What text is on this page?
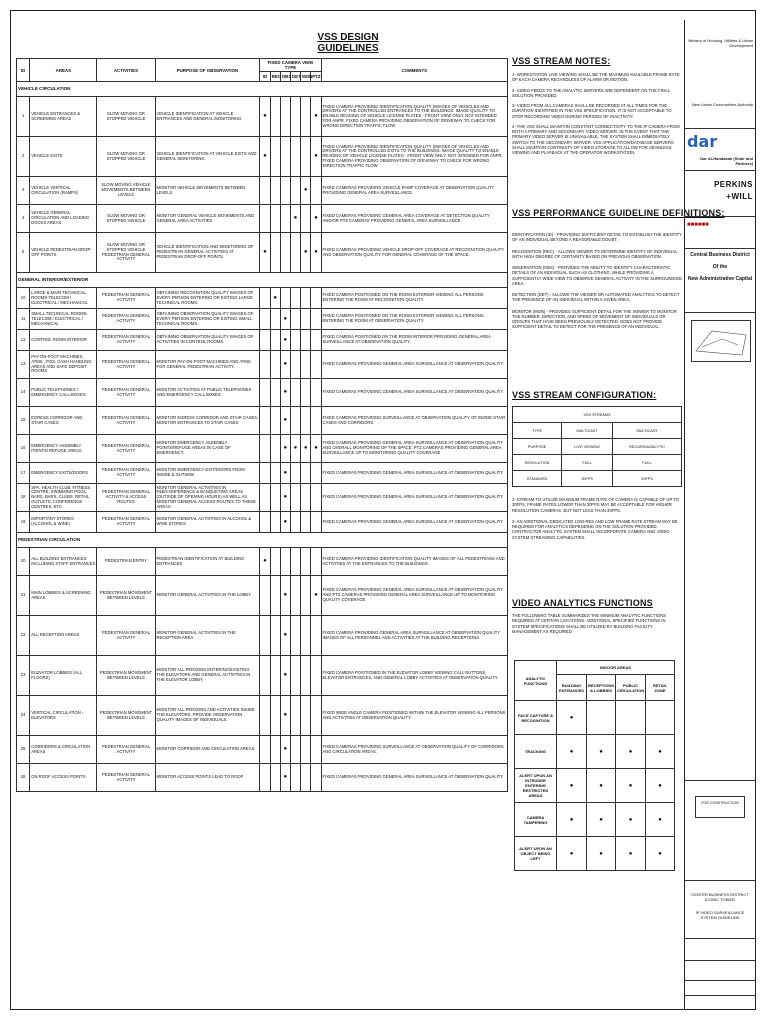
VSS DESIGN GUIDELINES
ID	AREAS	ACTIVITIES	PURPOSE OF OBSERVATION	FIXED CAMERA VIEW TYPE						COMMENTS
				ID	REC	OBS	DET	MON	PTZ	
VEHICLE CIRCULATION										
1	VEHICLE ENTRANCES & SCREENING AREAS	SLOW MOVING OR STOPPED VEHICLE	VEHICLE IDENTIFICATION AT VEHICLE ENTRANCES AND GENERAL MONITORING	●					●	FIXED CAMERA PROVIDING IDENTIFICATION QUALITY (IMAGES OF VEHICLES AND DRIVERS AT THE CONTROLLED ENTRANCES TO THE BUILDINGS. IMAGE QUALITY TO ENABLE READING OF VEHICLE LICENSE PLATES - FRONT VIEW ONLY. NOT INTENDED FOR ANPR. FIXED CAMERA PROVIDING OBSERVATION OF DRIVEWAY TO CHECK FOR WRONG DIRECTION TRAFFIC FLOW
2	VEHICLE EXITS	SLOW MOVING OR STOPPED VEHICLE	VEHICLE IDENTIFICATION AT VEHICLE EXITS AND GENERAL MONITORING	●					●	FIXED CAMERA PROVIDING IDENTIFICATION QUALITY (IMAGES OF VEHICLES AND DRIVERS AT THE CONTROLLED EXITS TO THE BUILDINGS. IMAGE QUALITY TO ENABLE READING OF VEHICLE LICENSE PLATES - FRONT VIEW ONLY. NOT INTENDED FOR ANPR. FIXED CAMERA PROVIDING OBSERVATION OF DRIVEWAY TO CHECK FOR WRONG DIRECTION TRAFFIC FLOW
3	VEHICLE VERTICAL CIRCULATION (RAMPS)	SLOW MOVING VEHICLE MOVEMENTS BETWEEN LEVELS	MONITOR VEHICLE MOVEMENTS BETWEEN LEVELS					●		FIXED CAMERAS PROVIDING VEHICLE RAMP COVERAGE AT OBSERVATION QUALITY PROVIDING GENERAL AREA SURVEILLANCE.
4	VEHICLE GENERAL CIRCULATION AND LOADING DOCKS AREAS	SLOW MOVING OR STOPPED VEHICLE	MONITOR GENERAL VEHICLE MOVEMENTS AND GENERAL AREA ACTIVITIES.				●		●	FIXED CAMERAS PROVIDING GENERAL AREA COVERAGE AT DETECTION QUALITY AND/OR PTZ CAMERAS PROVIDING GENERAL AREA SURVEILLANCE .
5	VEHICLE PEDESTRIAN DROP-OFF POINTS	SLOW MOVING OR STOPPED VEHICLE PEDESTRIAN GENERAL ACTIVITY	VEHICLE IDENTIFICATION AND MONITORING OF PEDESTRIAN GENERAL ACTIVITIES AT PEDESTRIAN DROP-OFF POINTS.	●				●	●	FIXED CAMERAS PROVIDING VEHICLE DROP-OFF COVERAGE AT RECOGNITION QUALITY AND OBSERVATION QUALITY FOR GENERAL COVERAGE OF THE SPACE.
GENERAL INTERIOR/EXTERIOR										
10	LARGE & MAIN TECHNICAL ROOMS-TELECOM / ELECTRICAL / MECHANICAL	PEDESTRIAN GENERAL ACTIVITY	OBTAINING RECOGNITION QUALITY IMAGES OF EVERY PERSON ENTERING OR EXITING LARGE TECHNICAL ROOMS.		●					FIXED CAMERA POSITIONED ON THE ROOM EXTERIOR VIEWING ALL PERSONS ENTERING THE ROOM AT RECOGNITION QUALITY.
11	SMALL TECHNICAL ROOMS-TELECOM / ELECTRICAL / MECHANICAL	PEDESTRIAN GENERAL ACTIVITY	OBTAINING OBSERVATION QUALITY IMAGES OF EVERY PERSON ENTERING OR EXITING SMALL TECHNICAL ROOMS.			●				FIXED CAMERA POSITIONED ON THE ROOM EXTERIOR VIEWING ALL PERSONS ENTERING THE ROOM AT OBSERVATION QUALITY.
12	CONTROL ROOM INTERIOR	PEDESTRIAN GENERAL ACTIVITY	OBTAINING OBSERVATION QUALITY IMAGES OF ACTIVITIES IN CONTROL ROOMS.			●				FIXED CAMERA POSITIONED ON THE ROOM INTERIOR PROVIDING GENERAL AREA SURVEILLANCE AT OBSERVATION QUALITY.
13	PAY-ON-FOOT MACHINES, ATMS , POS, CASH HANDLING AREAS AND SAFE DEPOSIT ROOMS	PEDESTRIAN GENERAL ACTIVITY	MONITOR PAY-ON-FOOT MACHINES AND ATMS FOR GENERAL PEDESTRIAN ACTIVITY.			●				FIXED CAMERAS PROVIDING GENERAL AREA SURVEILLANCE AT OBSERVATION QUALITY.
14	PUBLIC TELEPHONES / EMERGENCY CALL-BOXES	PEDESTRIAN GENERAL ACTIVITY	MONITOR ACTIVITIES AT PUBLIC TELEPHONES AND EMERGENCY CALL BOXES.			●				FIXED CAMERAS PROVIDING GENERAL AREA SURVEILLANCE AT OBSERVATION QUALITY.
15	EGRESS CORRIDOR AND STAIR CASES	PEDESTRIAN GENERAL ACTIVITY	MONITOR EGRESS CORRIDOR AND STAIR CASES. MONITOR ENTRANCES TO STAIR CASES			●				FIXED CAMERAS PROVIDING SURVEILLANCE AT OBSERVATION QUALITY OF INSIDE STAIR CASES AND CORRIDORS.
16	EMERGENCY ASSEMBLY POINTS/ REFUGE AREAS	PEDESTRIAN GENERAL ACTIVITY	MONITOR EMERGENCY ASSEMBLY POINTS/REFUGE AREAS IN CASE OF EMERGENCY.			●	●	●	●	FIXED CAMERAS PROVIDING GENERAL AREA SURVEILLANCE AT OBSERVATION QUALITY AND OVERALL MONITORING OF THE SPACE. PTZ CAMERAS PROVIDING GENERAL AREA SURVEILLANCE UP TO MONITORING QUALITY COVERAGE
17	EMERGENCY EXITS/DOORS	PEDESTRIAN GENERAL ACTIVITY	MONITOR EMERGENCY EXIT/DOORS FROM INSIDE & OUTSIDE			●				FIXED CAMERAS PROVIDING GENERAL AREA SURVEILLANCE AT OBSERVATION QUALITY
18	SPA, HEALTH CLUB, FITNESS CENTRE, SWIMMING POOL, BARS, BARS, CLUBS, RETAIL OUTLETS, CONFERENCE CENTRES, ETC	PEDESTRIAN GENERAL ACTIVITY & ACCESS ROUTES	MONITOR GENERAL ACTIVITIES IN F&B/CONFERENCE & BANQUETING AREAS (OUTSIDE OF OPENING HOURS) AS WELL AS MONITOR GENERAL ACCESS ROUTES TO THESE AREAS			●				FIXED CAMERAS PROVIDING GENERAL AREA SURVEILLANCE AT OBSERVATION QUALITY
19	IMPORTANT STORES (ALCOHOL & WINE)	PEDESTRIAN GENERAL ACTIVITY	MONITOR GENERAL ACTIVITIES IN ALCOHOL & WINE STORES			●				FIXED CAMERAS PROVIDING GENERAL AREA SURVEILLANCE AT OBSERVATION QUALITY
PEDESTRIAN CIRCULATION										
20	ALL BUILDING ENTRANCES INCLUDING STAFF ENTRANCES	PEDESTRIAN ENTRY	PEDESTRIAN IDENTIFICATION AT BUILDING ENTRANCES	●						FIXED CAMERA PROVIDING IDENTIFICATION QUALITY IMAGES OF ALL PEDESTRIANS AND ACTIVITIES AT THE ENTRANCES TO THE BUILDINGS.
21	MAIN LOBBIES & SCREENING AREAS	PEDESTRIAN MOVEMENT BETWEEN LEVELS	MONITOR GENERAL ACTIVITIES IN THE LOBBY.			●			●	FIXED CAMERAS PROVIDING GENERAL AREA SURVEILLANCE AT OBSERVATION QUALITY AND PTZ CAMERAS PROVIDING GENERAL AREA SURVEILLANCE UP TO MONITORING QUALITY COVERAGE
22	ALL RECEPTION AREAS	PEDESTRIAN GENERAL ACTIVITY	MONITOR GENERAL ACTIVITIES IN THE RECEPTION AREA.			●				FIXED CAMERA PROVIDING GENERAL AREA SURVEILLANCE AT OBSERVATION QUALITY IMAGES OF ALL PERSONNEL AND ACTIVITIES AT THE BUILDING RECEPTIONS.
23	ELEVATOR LOBBIES (ALL FLOORS)	PEDESTRIAN MOVEMENT BETWEEN LEVELS	MONITOR ALL PERSONS ENTERING/EXISTING THE ELEVATORS AND GENERAL ACTIVITIES IN THE ELEVATOR LOBBY.			●				FIXED CAMERA POSITIONED IN THE ELEVATOR LOBBY VIEWING CALL BUTTONS, ELEVATOR ENTRANCES, AND GENERAL LOBBY ACTIVITIES AT OBSERVATION QUALITY.
24	VERTICAL CIRCULATION - ELEVATORS	PEDESTRIAN MOVEMENT BETWEEN LEVELS	MONITOR ALL PERSONS AND ACTIVITIES INSIDE THE ELEVATORS. PROVIDE OBSERVATION QUALITY IMAGES OF INDIVIDUALS.			●				FIXED WIDE ANGLE CAMERA POSITIONED WITHIN THE ELEVATOR VIEWING ALL PERSONS AND ACTIVITIES AT OBSERVATION QUALITY.
25	CORRIDORS & CIRCULATION AREAS	PEDESTRIAN GENERAL ACTIVITY	MONITOR CORRIDOR AND CIRCULATION AREAS.			●				FIXED CAMERAS PROVIDING SURVEILLANCE AT OBSERVATION QUALITY OF CORRIDORS AND CIRCULATION AREAS.
26	ON ROOF ACCESS POINTS	PEDESTRIAN GENERAL ACTIVITY	MONITOR ACCESS POINTS LEAD TO ROOF			●				FIXED CAMERAS PROVIDING GENERAL AREA SURVEILLANCE AT OBSERVATION QUALITY
VSS STREAM NOTES:
1- WORKSTATION LIVE VIEWING SHALL BE THE MAXIMUM AVAILABLE FRAME RATE OF EACH CAMERA REGARDLESS OF ALARM OR MOTION.
2- VIDEO FEEDS TO THE ANALYTIC SERVERS ARE DEPENDENT ON THE FINAL SOLUTION PROVIDED.
3- VIDEO FROM ALL CAMERAS SHALL BE RECORDED AT ALL TIMES FOR THE DURATION IDENTIFIED IN THE VSS SPECIFICATION. IT IS NOT ACCEPTABLE TO STOP RECORDING VIDEO DURING PERIODS OF INACTIVITY.
4- THE VSS SHALL MAINTAIN CONSTANT CONNECTIVITY TO THE IP CAMERA FROM BOTH A PRIMARY AND SECONDARY VIDEO SERVER. IN THE EVENT THAT THE PRIMARY VIDEO SERVER IS UNAVAILABLE, THE SYSTEM SHALL IMMEDIATELY SWITCH TO THE SECONDARY SERVER. VSS APPLICATION/DATABASE SERVERS SHALL MAINTAIN CONTINUITY OF VIDEO STORAGE TO ALLOW FOR SEAMLESS VIEWING AND PLAYBACK AT THE OPERATOR WORKSTATION.
VSS PERFORMANCE GUIDELINE DEFINITIONS:
IDENTIFICATION (ID) - PROVIDING SUFFICIENT DETAIL TO ESTABLISH THE IDENTITY OF AN INDIVIDUAL BEYOND A REASONABLE DOUBT.
RECOGNITION (REC) - ALLOWS VIEWER TO DETERMINE IDENTITY OF INDIVIDUAL WITH HIGH DEGREE OF CERTAINTY BASED ON PREVIOUS OBSERVATION.
OBSERVATION (OBS) - PROVIDES THE ABILITY TO IDENTIFY CHARACTERISTIC DETAILS OF AN INDIVIDUAL SUCH AS CLOTHING, WHILE PROVIDING A SUFFICIENTLY WIDE VIEW TO OBSERVE GENERAL ACTIVITY IN THE SURROUNDING AREA.
DETECTION (DET) - ALLOWS THE VIEWER OR AUTOMATED ANALYTICS TO DETECT THE PRESENCE OF AN INDIVIDUAL WITHIN A GIVEN AREA.
MONITOR (MON) - PROVIDES SUFFICIENT DETAIL FOR THE VIEWER TO MONITOR THE NUMBER, DIRECTION, AND SPEED OF MOVEMENT OF INDIVIDUALS OR GROUPS THAT HAVE BEEN PREVIOUSLY DETECTED. DOES NOT PROVIDE SUFFICIENT DETAIL TO DETECT FOR THE PRESENCE OF AN INDIVIDUAL.
VSS STREAM CONFIGURATION:
VSS STREAMS		
TYPE	MULTICAST	MULTICAST
PURPOSE	LIVE VIEWING	RECORD/ANALYTIC
RESOLUTION	FULL	FULL
STANDARD	30FPS	20FPS
1- STREAM TO UTILIZE MAXIMUM FRAME RATE OF CAMERA IS CAPABLE OF UP TO 30FPS. FRAME RATES LOWER THAN 30FPS MAY BE ACCEPTABLE FOR HIGHER RESOLUTION CAMERAS, BUT NOT LESS THAN 20FPS.
2- AN ADDITIONAL DEDICATED LOW-RES AND LOW FRAME RATE STREAM MAY BE REQUIRED FOR ANALYTICS DEPENDING ON THE SOLUTION PROVIDED. CONTRACTOR ANALYTIC SYSTEM SHALL INCORPORATE CAMERA AND VIDEO SYSTEM STREAMING CAPABILITIES.
VIDEO ANALYTICS FUNCTIONS
THE FOLLOWING TABLE SUMMARIZES THE MINIMUM ANALYTIC FUNCTIONS REQUIRED AT CERTAIN LOCATIONS. ADDITIONAL SPECIFIED FUNCTIONS IN SYSTEM SPECIFICATIONS SHALL BE UTILIZED BY BUILDING FACILITY MANAGEMENT AS REQUIRED
ANALYTIC FUNCTIONS	INDOOR AREAS			
	BUILDING ENTRANCES	RECEPTIONS & LOBBIES	PUBLIC CIRCULATION	RETAIL ZONE
FACE CAPTURE & RECOGNITION	●			
TRACKING	●	●	●	●
ALERT UPON AN INTRUDER ENTERING RESTRICTED AREAS	●	●	●	●
CAMERA TAMPERING	●	●	●	●
ALERT UPON AN OBJECT BEING LEFT	●	●	●	●
Ministry of Housing, Utilities & Urban Development
New Urban Communities Authority
dar
Dar Al-Handasah (Shair and Partners)
PERKINS
+WILL
■■■■■■
Central Business District
Of the
New Administrative Capital
FOR CONSTRUCTION
CENTER BUSINESS DISTRICT ICONIC TOWER
IP VIDEO SURVEILLANCE SYSTEM GUIDELINE
